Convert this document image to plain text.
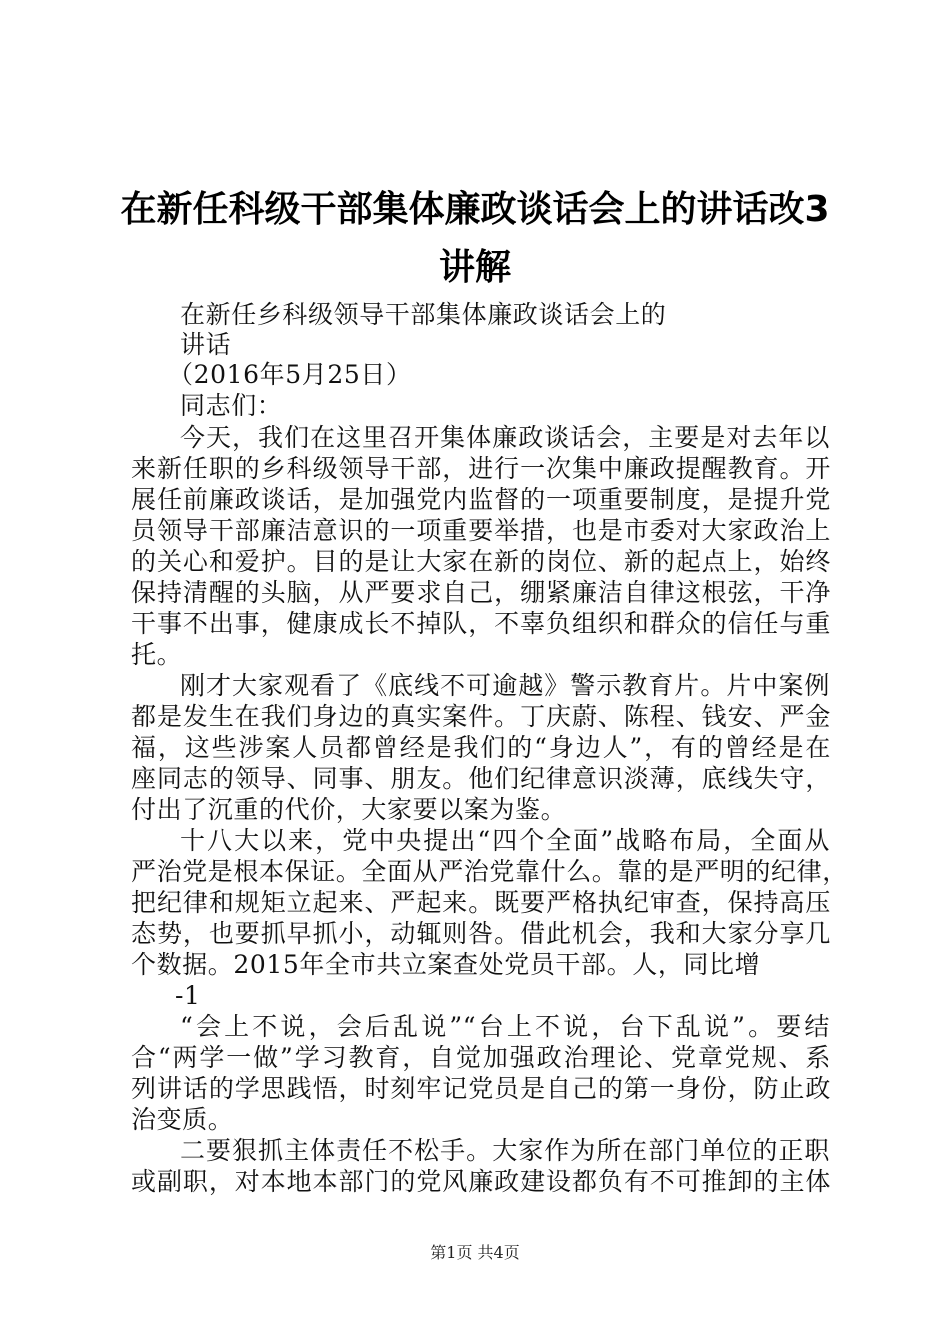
在新任科级干部集体廉政谈话会上的讲话改3
讲解
在新任乡科级领导干部集体廉政谈话会上的
讲话
（2016年5月25日）
同志们：
今天，我们在这里召开集体廉政谈话会，主要是对去年以
来新任职的乡科级领导干部，进行一次集中廉政提醒教育。开
展任前廉政谈话，是加强党内监督的一项重要制度，是提升党
员领导干部廉洁意识的一项重要举措，也是市委对大家政治上
的关心和爱护。目的是让大家在新的岗位、新的起点上，始终
保持清醒的头脑，从严要求自己，绷紧廉洁自律这根弦，干净
干事不出事，健康成长不掉队，不辜负组织和群众的信任与重
托。
刚才大家观看了《底线不可逾越》警示教育片。片中案例
都是发生在我们身边的真实案件。丁庆蔚、陈程、钱安、严金
福，这些涉案人员都曾经是我们的“身边人”，有的曾经是在
座同志的领导、同事、朋友。他们纪律意识淡薄，底线失守，
付出了沉重的代价，大家要以案为鉴。
十八大以来，党中央提出“四个全面”战略布局，全面从
严治党是根本保证。全面从严治党靠什么。靠的是严明的纪律，
把纪律和规矩立起来、严起来。既要严格执纪审查，保持高压
态势，也要抓早抓小，动辄则咎。借此机会，我和大家分享几
个数据。2015年全市共立案查处党员干部。人，同比增
-1
“会上不说，会后乱说”“台上不说，台下乱说”。要结
合“两学一做”学习教育，自觉加强政治理论、党章党规、系
列讲话的学思践悟，时刻牢记党员是自己的第一身份，防止政
治变质。
二要狠抓主体责任不松手。大家作为所在部门单位的正职
或副职，对本地本部门的党风廉政建设都负有不可推卸的主体
第1页 共4页
